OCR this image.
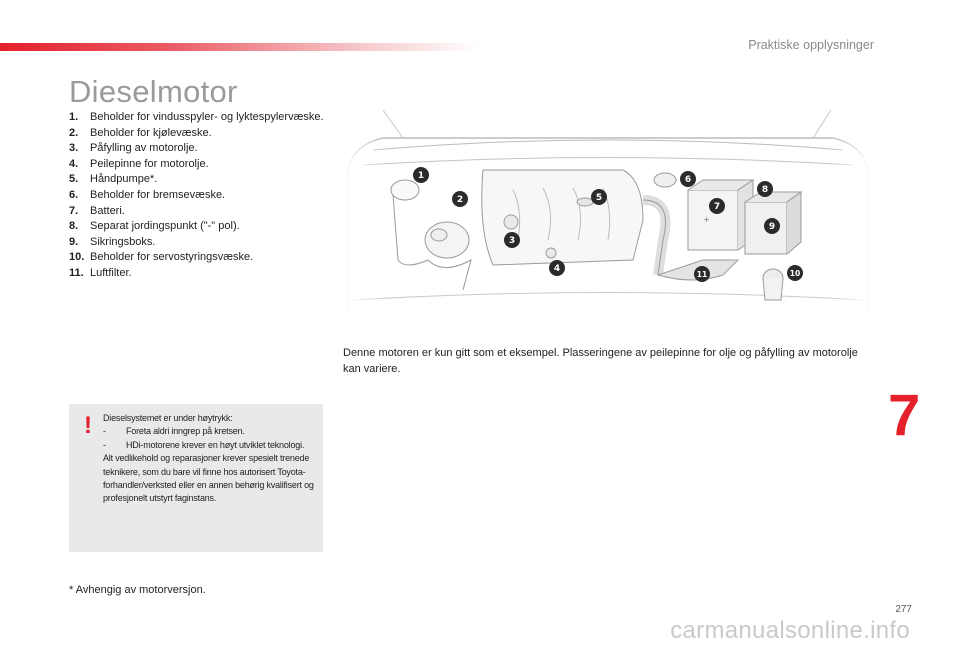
Praktiske opplysninger
Dieselmotor
1.	Beholder for vindusspyler- og lyktespylervæske.
2.	Beholder for kjølevæske.
3.	Påfylling av motorolje.
4.	Peilepinne for motorolje.
5.	Håndpumpe*.
6.	Beholder for bremsevæske.
7.	Batteri.
8.	Separat jordingspunkt ("-" pol).
9.	Sikringsboks.
10. Beholder for servostyringsvæske.
11. Luftfilter.
1
2
3
4
5
6
7
8
9
10
11

Denne motoren er kun gitt som et eksempel. Plasseringene av peilepinne for olje og påfylling av motorolje kan variere.

! Dieselsystemet er under høytrykk:
-	Foreta aldri inngrep på kretsen.
-	HDi-motorene krever en høyt utviklet teknologi.
Alt vedlikehold og reparasjoner krever spesielt trenede teknikere, som du bare vil finne hos autorisert Toyota-forhandler/verksted eller en annen behørig kvalifisert og profesjonelt utstyrt faginstans.

* Avhengig av motorversjon.

7
277
carmanualsonline.info
